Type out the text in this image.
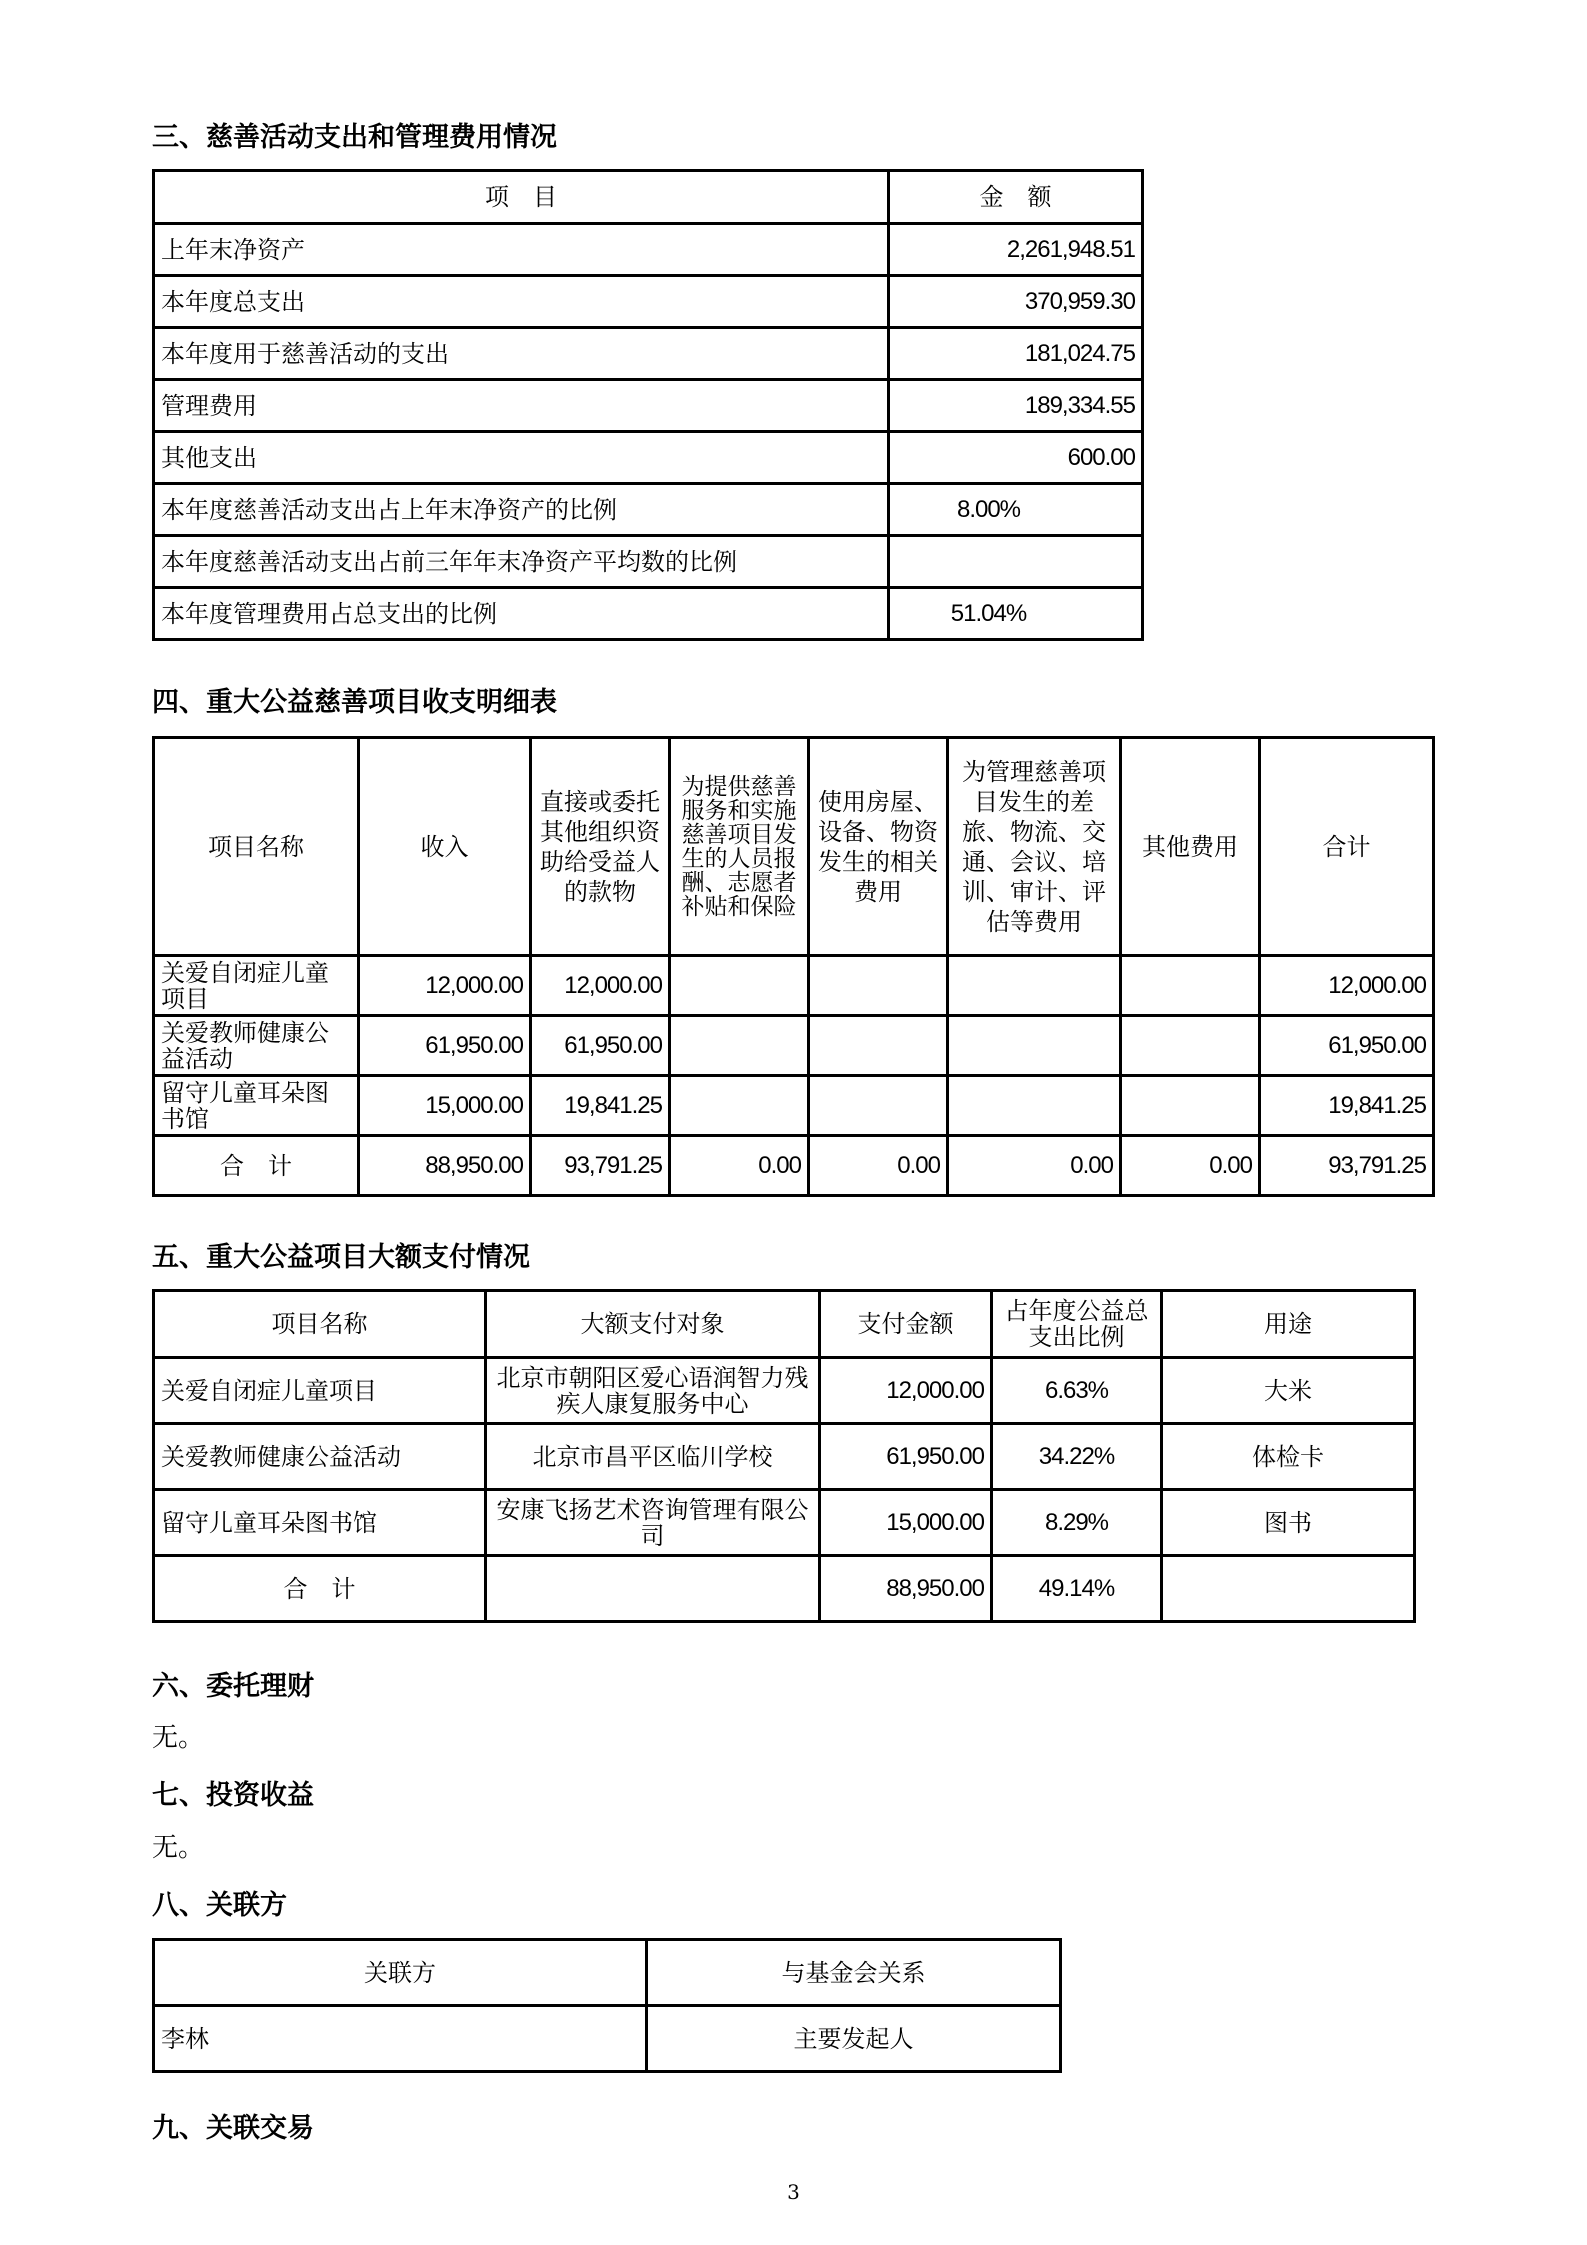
三、慈善活动支出和管理费用情况
项　目	金　额
上年末净资产	2,261,948.51
本年度总支出	370,959.30
本年度用于慈善活动的支出	181,024.75
管理费用	189,334.55
其他支出	600.00
本年度慈善活动支出占上年末净资产的比例	8.00%
本年度慈善活动支出占前三年年末净资产平均数的比例	
本年度管理费用占总支出的比例	51.04%
四、重大公益慈善项目收支明细表
项目名称	收入	直接或委托其他组织资助给受益人的款物	为提供慈善服务和实施慈善项目发生的人员报酬、志愿者补贴和保险	使用房屋、设备、物资发生的相关费用	为管理慈善项目发生的差旅、物流、交通、会议、培训、审计、评估等费用	其他费用	合计
关爱自闭症儿童项目	12,000.00	12,000.00					12,000.00
关爱教师健康公益活动	61,950.00	61,950.00					61,950.00
留守儿童耳朵图书馆	15,000.00	19,841.25					19,841.25
合　计	88,950.00	93,791.25	0.00	0.00	0.00	0.00	93,791.25
五、重大公益项目大额支付情况
项目名称	大额支付对象	支付金额	占年度公益总支出比例	用途
关爱自闭症儿童项目	北京市朝阳区爱心语润智力残疾人康复服务中心	12,000.00	6.63%	大米
关爱教师健康公益活动	北京市昌平区临川学校	61,950.00	34.22%	体检卡
留守儿童耳朵图书馆	安康飞扬艺术咨询管理有限公司	15,000.00	8.29%	图书
合　计		88,950.00	49.14%	
六、委托理财

无。

七、投资收益

无。

八、关联方
关联方	与基金会关系
李林	主要发起人
九、关联交易
3
